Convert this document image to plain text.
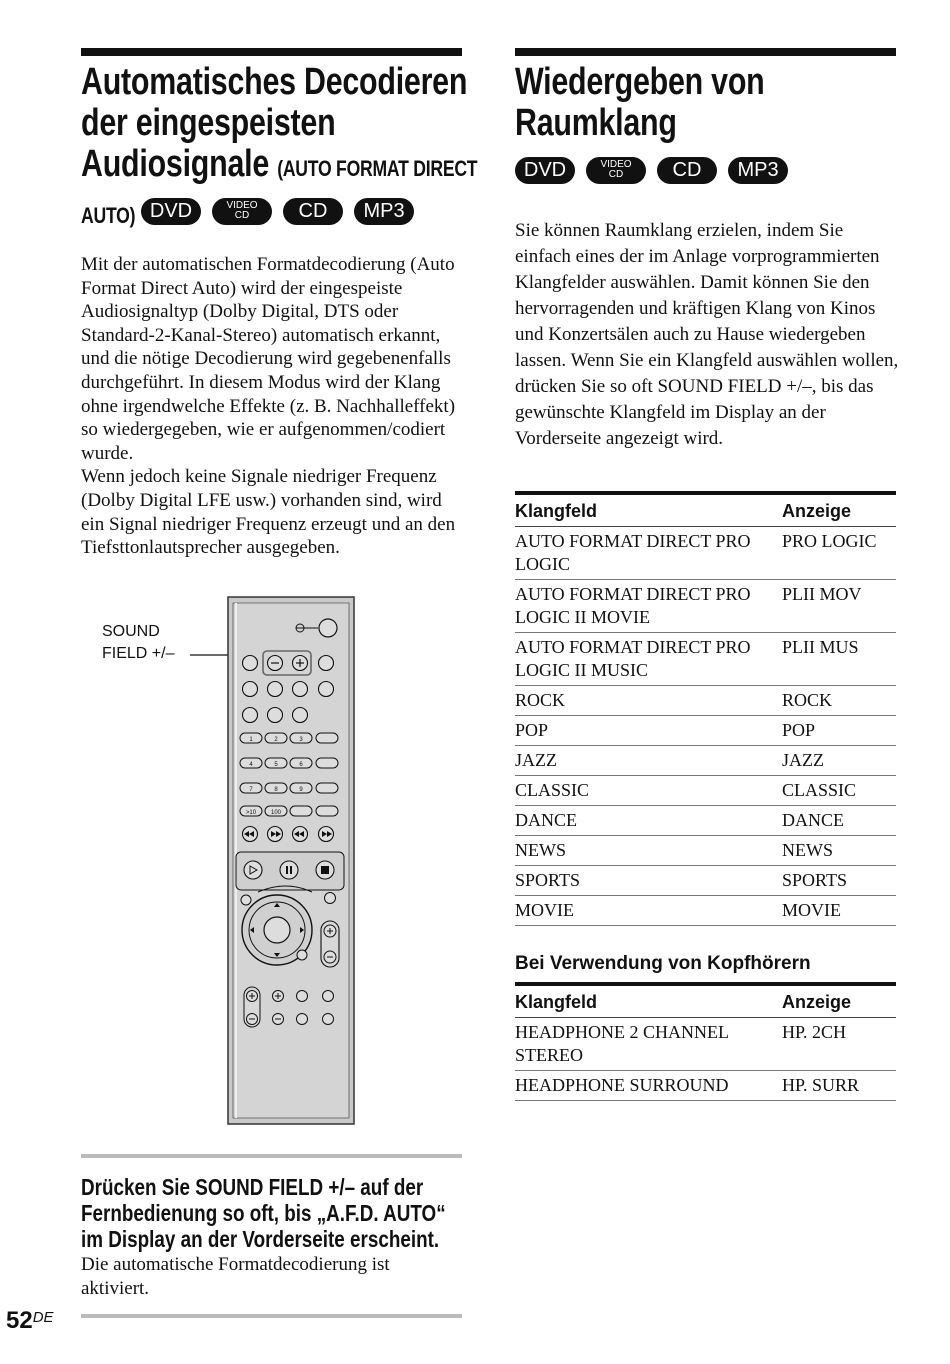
Automatisches Decodieren
der eingespeisten
Audiosignale (AUTO FORMAT DIRECT
AUTO) DVD	VIDEO
CD CD MP3

Mit der automatischen Formatdecodierung (Auto Format Direct Auto) wird der eingespeiste Audiosignaltyp (Dolby Digital, DTS oder Standard-2-Kanal-Stereo) automatisch erkannt, und die nötige Decodierung wird gegebenenfalls durchgeführt. In diesem Modus wird der Klang ohne irgendwelche Effekte (z. B. Nachhalleffekt) so wiedergegeben, wie er aufgenommen/codiert wurde.

Wenn jedoch keine Signale niedriger Frequenz (Dolby Digital LFE usw.) vorhanden sind, wird ein Signal niedriger Frequenz erzeugt und an den Tiefsttonlautsprecher ausgegeben.

SOUND
FIELD +/–
1	2	3
4	5	6
7	8	9
>10 100
Drücken Sie SOUND FIELD +/– auf der
Fernbedienung so oft, bis „A.F.D. AUTO“
im Display an der Vorderseite erscheint.
Die automatische Formatdecodierung ist aktiviert.
52DE
Wiedergeben von
Raumklang
DVD	VIDEO
CD CD MP3
Sie können Raumklang erzielen, indem Sie einfach eines der im Anlage vorprogrammierten Klangfelder auswählen. Damit können Sie den hervorragenden und kräftigen Klang von Kinos und Konzertsälen auch zu Hause wiedergeben lassen. Wenn Sie ein Klangfeld auswählen wollen, drücken Sie so oft SOUND FIELD +/–, bis das gewünschte Klangfeld im Display an der Vorderseite angezeigt wird.
Klangfeld	Anzeige
AUTO FORMAT DIRECT PRO LOGIC	PRO LOGIC
AUTO FORMAT DIRECT PRO LOGIC II MOVIE	PLII MOV
AUTO FORMAT DIRECT PRO LOGIC II MUSIC	PLII MUS
ROCK	ROCK
POP	POP
JAZZ	JAZZ
CLASSIC	CLASSIC
DANCE	DANCE
NEWS	NEWS
SPORTS	SPORTS
MOVIE	MOVIE
Bei Verwendung von Kopfhörern
Klangfeld	Anzeige
HEADPHONE 2 CHANNEL STEREO	HP. 2CH
HEADPHONE SURROUND	HP. SURR
